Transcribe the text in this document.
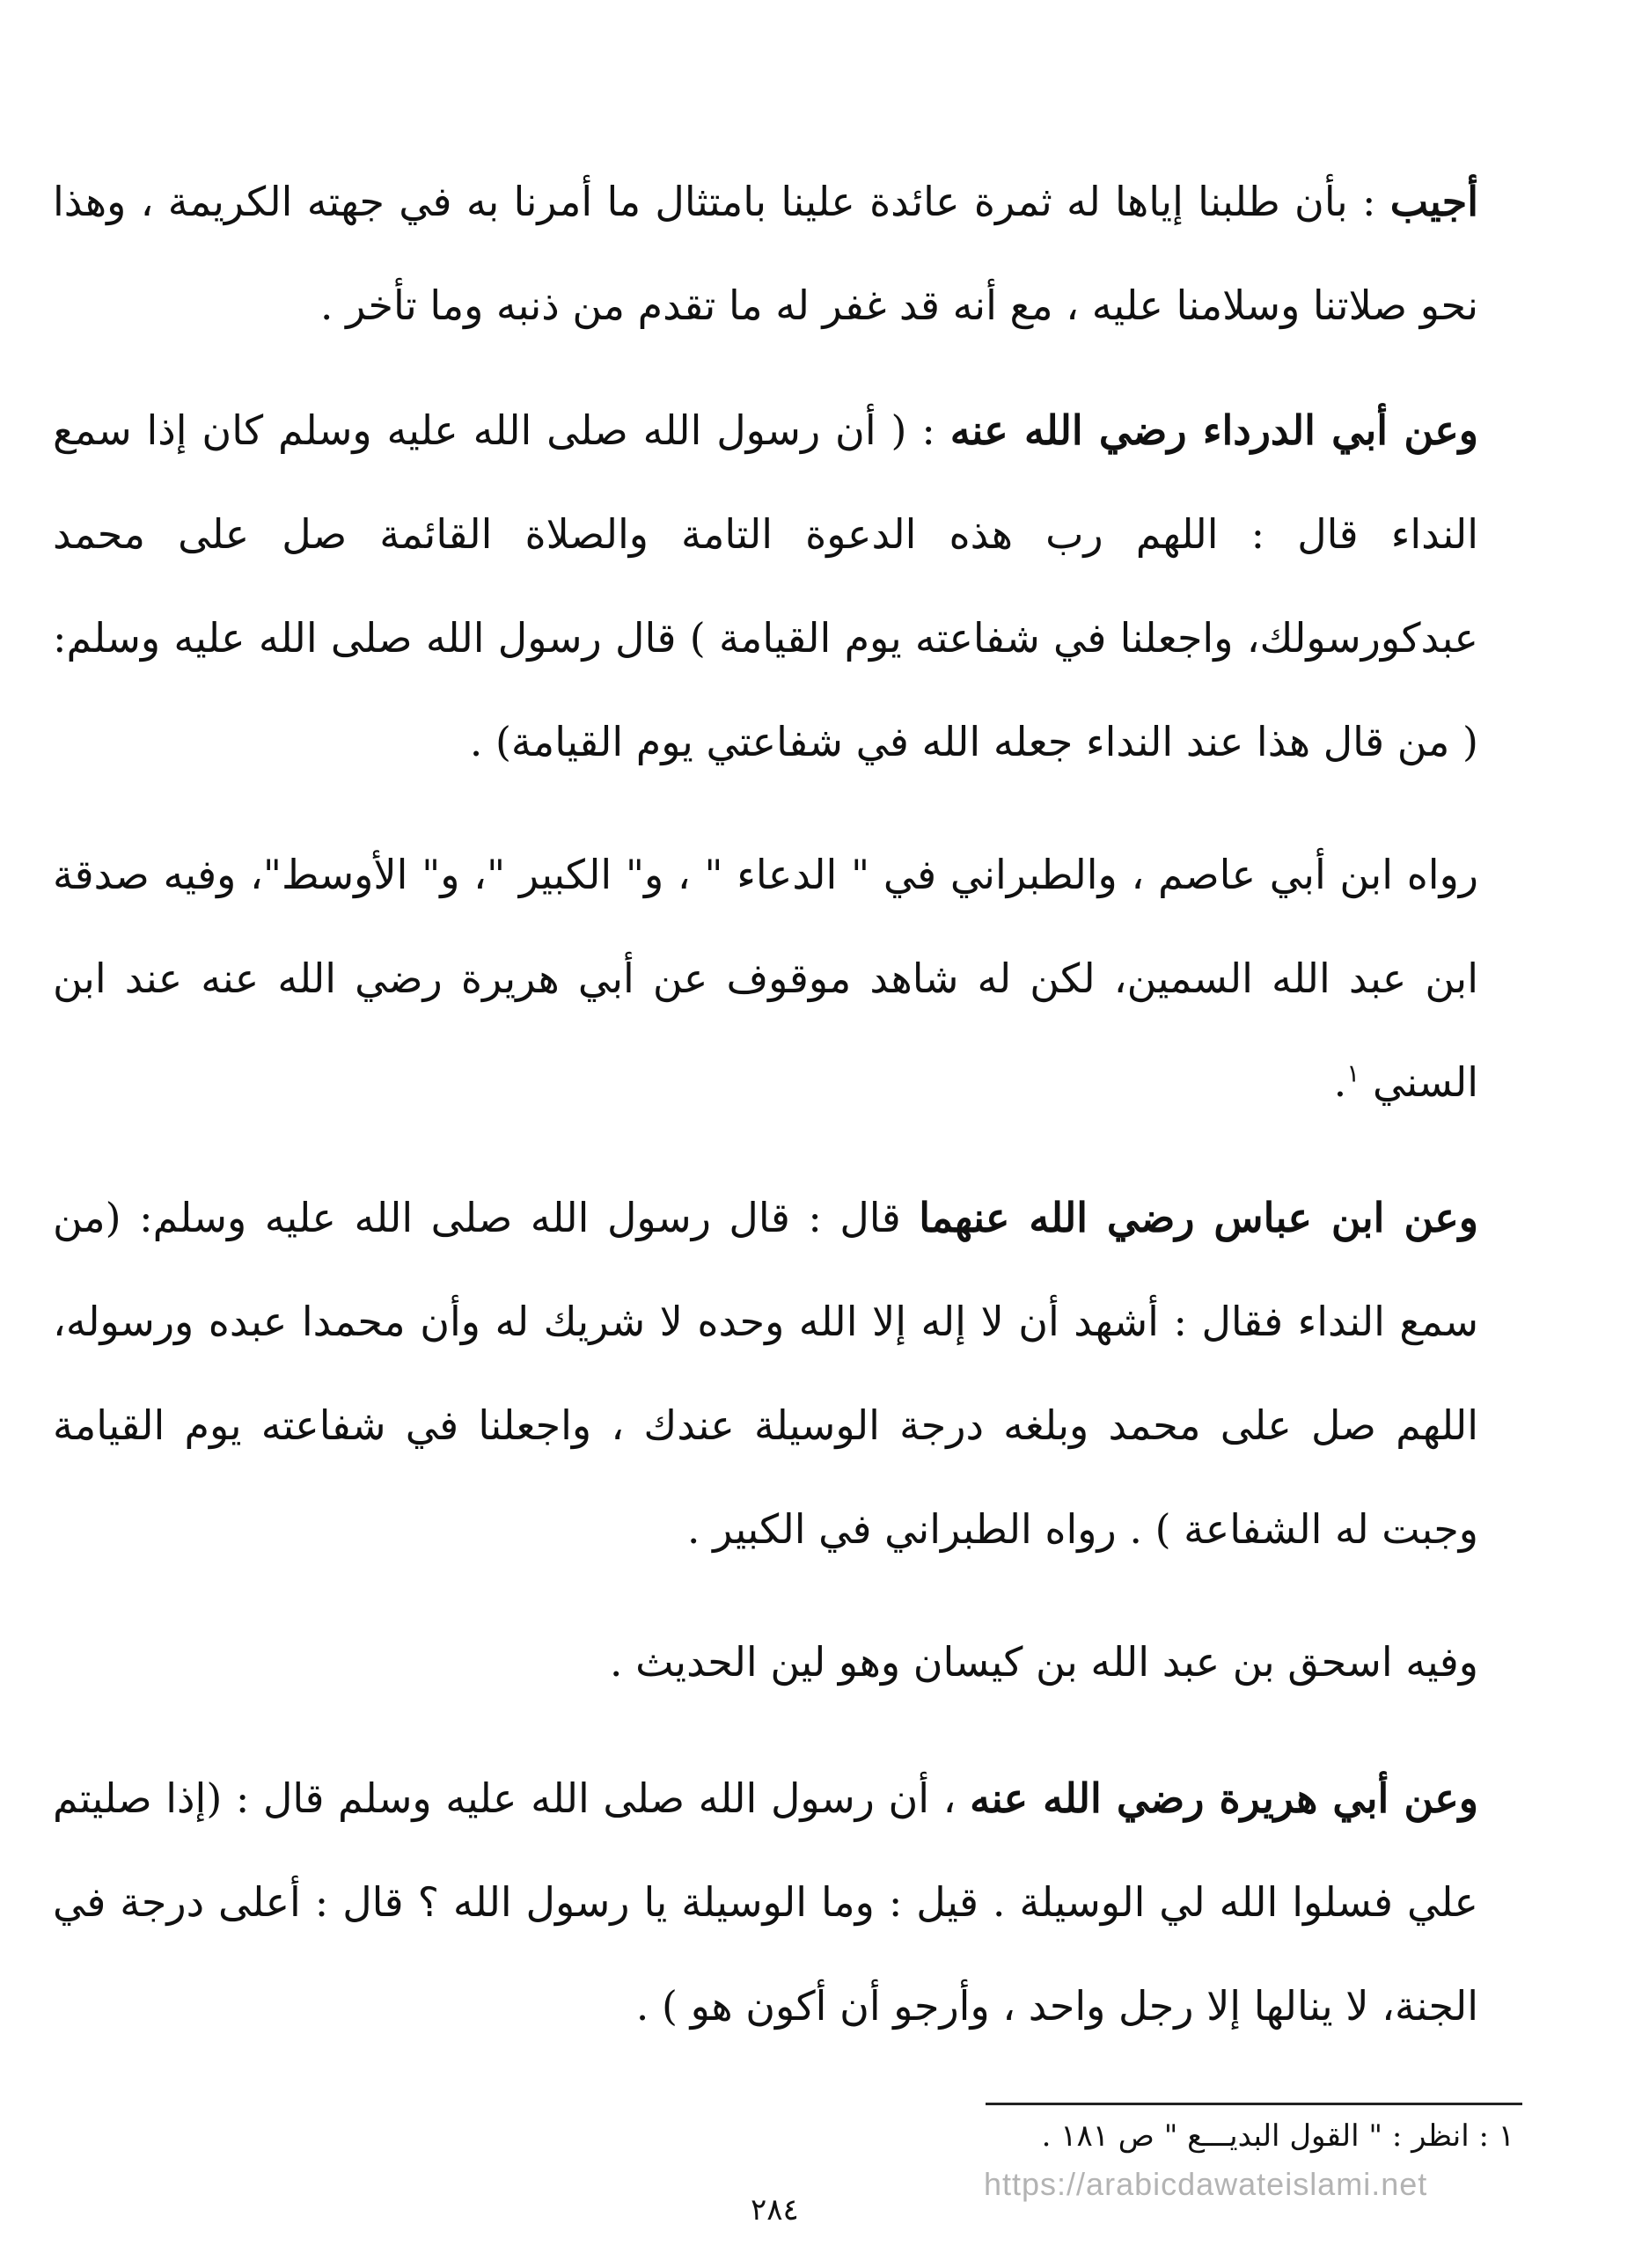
أجيب : بأن طلبنا إياها له ثمرة عائدة علينا بامتثال ما أمرنا به في جهته الكريمة ، وهذا نحو صلاتنا وسلامنا عليه ، مع أنه قد غفر له ما تقدم من ذنبه وما تأخر .

وعن أبي الدرداء رضي الله عنه : ( أن رسول الله صلى الله عليه وسلم كان إذا سمع النداء قال : اللهم رب هذه الدعوة التامة والصلاة القائمة صل على محمد عبدكورسولك، واجعلنا في شفاعته يوم القيامة ) قال رسول الله صلى الله عليه وسلم: ( من قال هذا عند النداء جعله الله في شفاعتي يوم القيامة) .

رواه ابن أبي عاصم ، والطبراني في " الدعاء " ، و" الكبير "، و" الأوسط"، وفيه صدقة ابن عبد الله السمين، لكن له شاهد موقوف عن أبي هريرة رضي الله عنه عند ابن السني $^١$.

وعن ابن عباس رضي الله عنهما قال : قال رسول الله صلى الله عليه وسلم: (من سمع النداء فقال : أشهد أن لا إله إلا الله وحده لا شريك له وأن محمدا عبده ورسوله، اللهم صل على محمد وبلغه درجة الوسيلة عندك ، واجعلنا في شفاعته يوم القيامة وجبت له الشفاعة ) . رواه الطبراني في الكبير .

وفيه اسحق بن عبد الله بن كيسان وهو لين الحديث .

وعن أبي هريرة رضي الله عنه ، أن رسول الله صلى الله عليه وسلم قال : (إذا صليتم علي فسلوا الله لي الوسيلة . قيل : وما الوسيلة يا رسول الله ؟ قال : أعلى درجة في الجنة، لا ينالها إلا رجل واحد ، وأرجو أن أكون هو ) .

١ : انظر : " القول البديـــع " ص ١٨١ .
https://arabicdawateislami.net
٢٨٤
